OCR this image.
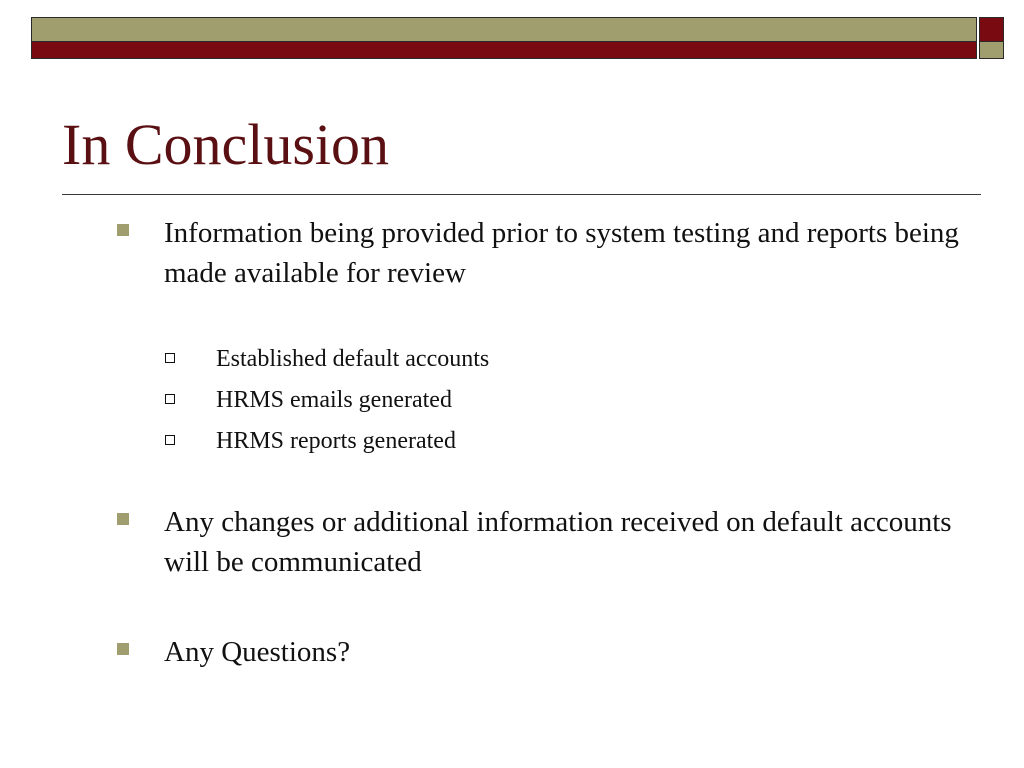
In Conclusion
Information being provided prior to system testing and reports being made available for review
Established default accounts
HRMS emails generated
HRMS reports generated
Any changes or additional information received on default accounts will be communicated
Any Questions?
